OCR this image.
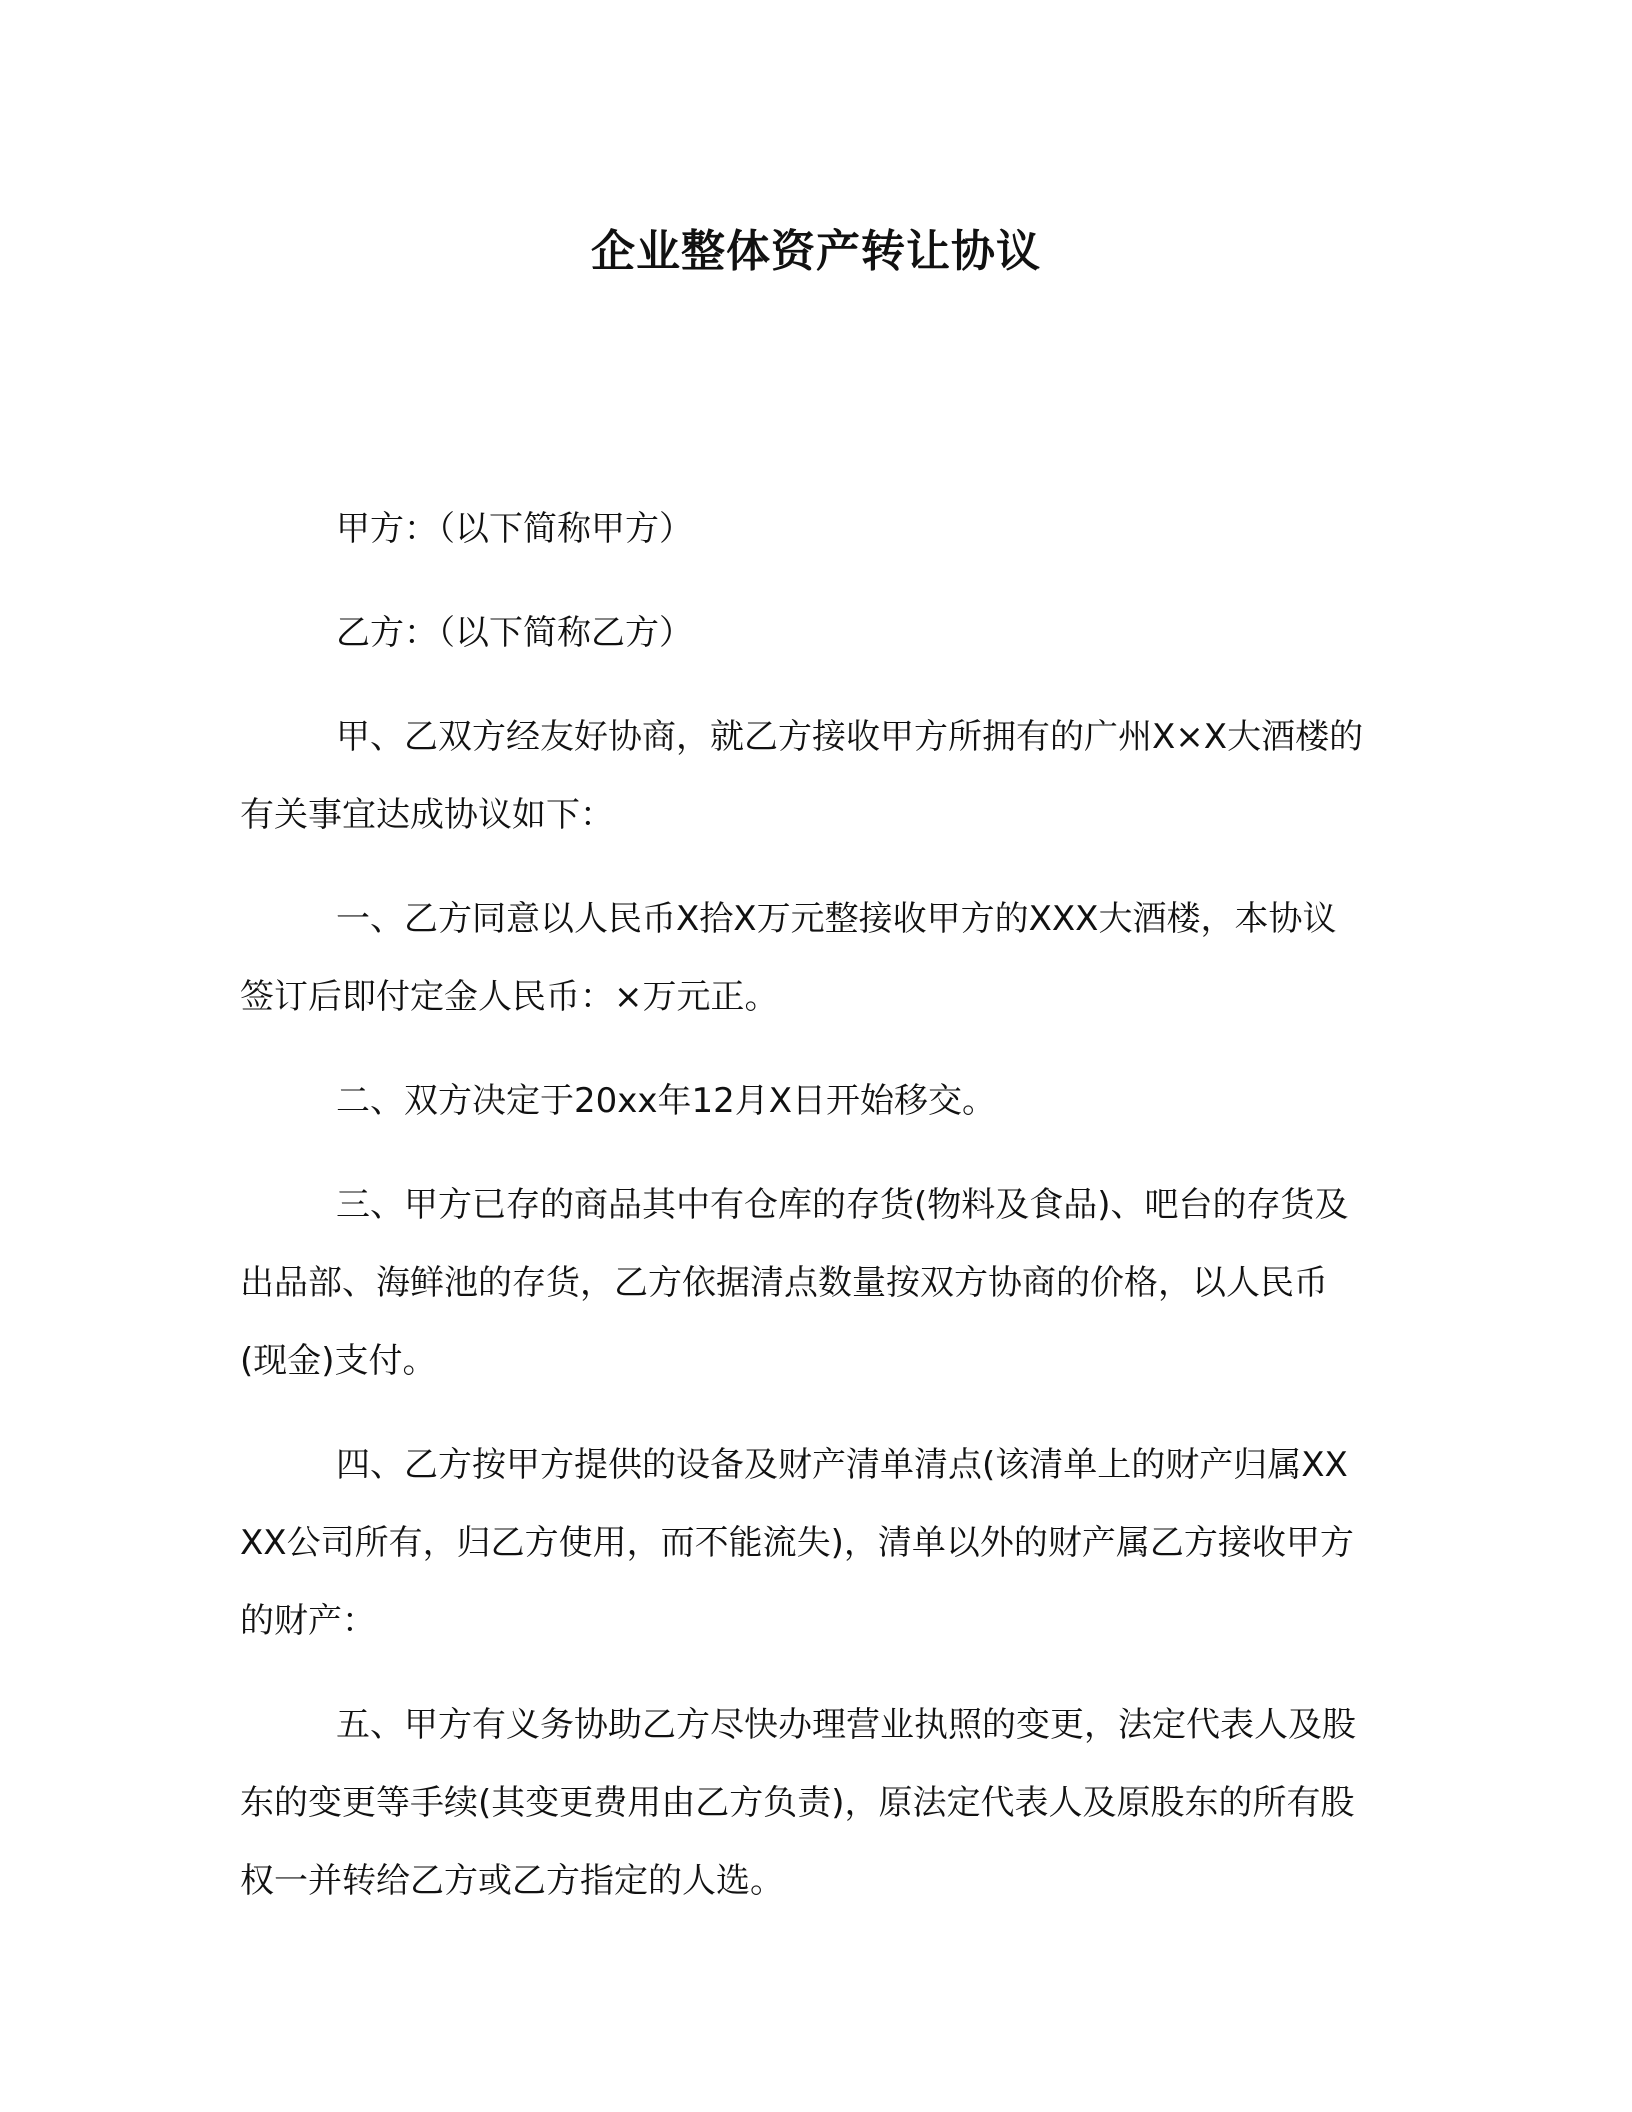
企业整体资产转让协议

甲方：（以下简称甲方）

乙方：（以下简称乙方）

甲、乙双方经友好协商，就乙方接收甲方所拥有的广州X×X大酒楼的有关事宜达成协议如下：

一、乙方同意以人民币X拾X万元整接收甲方的XXX大酒楼，本协议签订后即付定金人民币：×万元正。

二、双方决定于20xx年12月X日开始移交。

三、甲方已存的商品其中有仓库的存货(物料及食品)、吧台的存货及出品部、海鲜池的存货，乙方依据清点数量按双方协商的价格，以人民币(现金)支付。

四、乙方按甲方提供的设备及财产清单清点(该清单上的财产归属XXXX公司所有，归乙方使用，而不能流失)，清单以外的财产属乙方接收甲方的财产：

五、甲方有义务协助乙方尽快办理营业执照的变更，法定代表人及股东的变更等手续(其变更费用由乙方负责)，原法定代表人及原股东的所有股权一并转给乙方或乙方指定的人选。
